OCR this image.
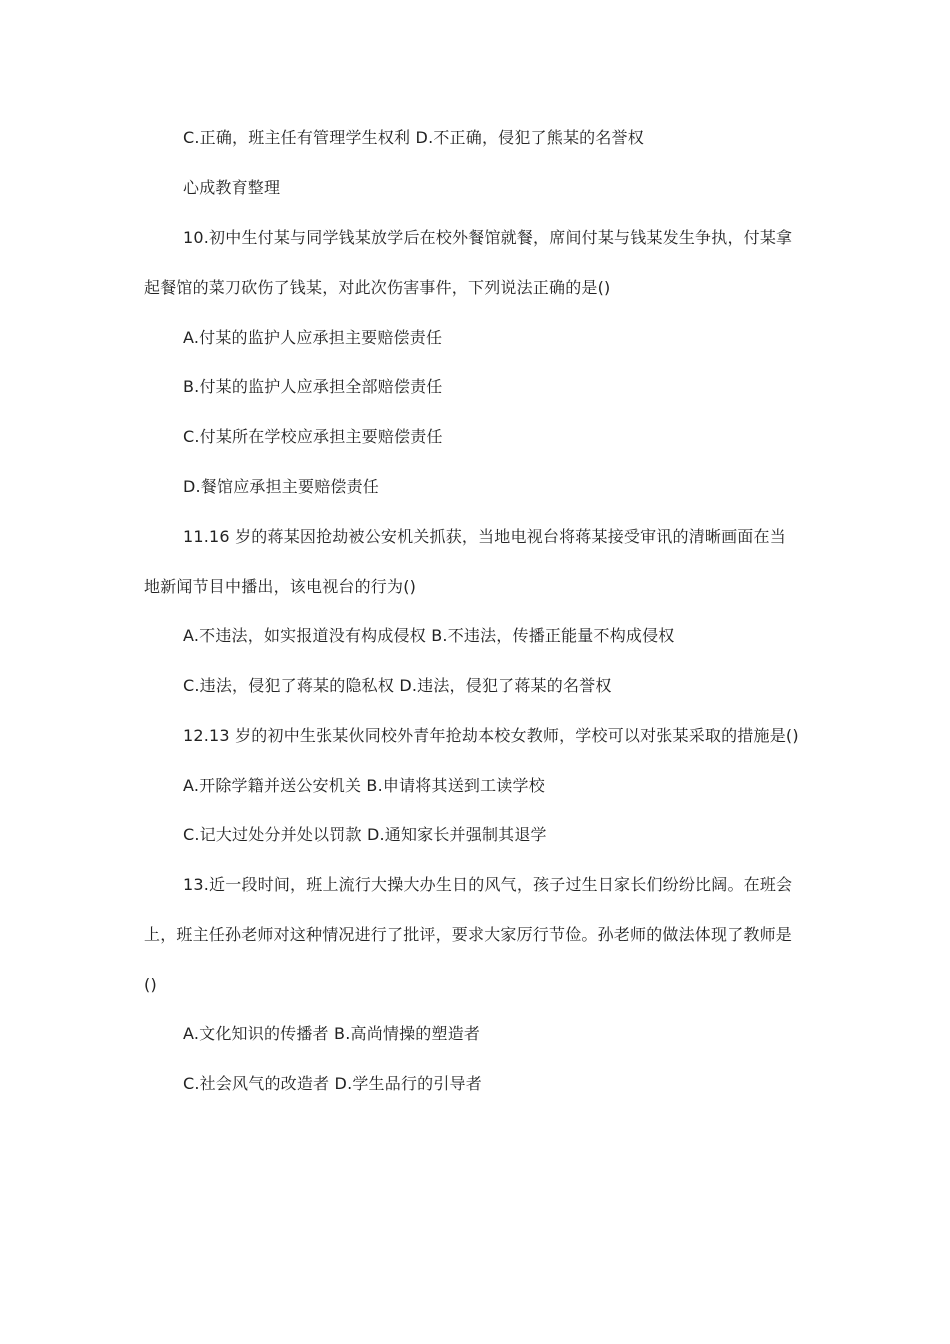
C.正确，班主任有管理学生权利 D.不正确，侵犯了熊某的名誉权
心成教育整理
10.初中生付某与同学钱某放学后在校外餐馆就餐，席间付某与钱某发生争执，付某拿
起餐馆的菜刀砍伤了钱某，对此次伤害事件，下列说法正确的是()
A.付某的监护人应承担主要赔偿责任
B.付某的监护人应承担全部赔偿责任
C.付某所在学校应承担主要赔偿责任
D.餐馆应承担主要赔偿责任
11.16 岁的蒋某因抢劫被公安机关抓获，当地电视台将蒋某接受审讯的清晰画面在当
地新闻节目中播出，该电视台的行为()
A.不违法，如实报道没有构成侵权 B.不违法，传播正能量不构成侵权
C.违法，侵犯了蒋某的隐私权 D.违法，侵犯了蒋某的名誉权
12.13 岁的初中生张某伙同校外青年抢劫本校女教师，学校可以对张某采取的措施是()
A.开除学籍并送公安机关 B.申请将其送到工读学校
C.记大过处分并处以罚款 D.通知家长并强制其退学
13.近一段时间，班上流行大操大办生日的风气，孩子过生日家长们纷纷比阔。在班会
上，班主任孙老师对这种情况进行了批评，要求大家厉行节俭。孙老师的做法体现了教师是
()
A.文化知识的传播者 B.高尚情操的塑造者
C.社会风气的改造者 D.学生品行的引导者
